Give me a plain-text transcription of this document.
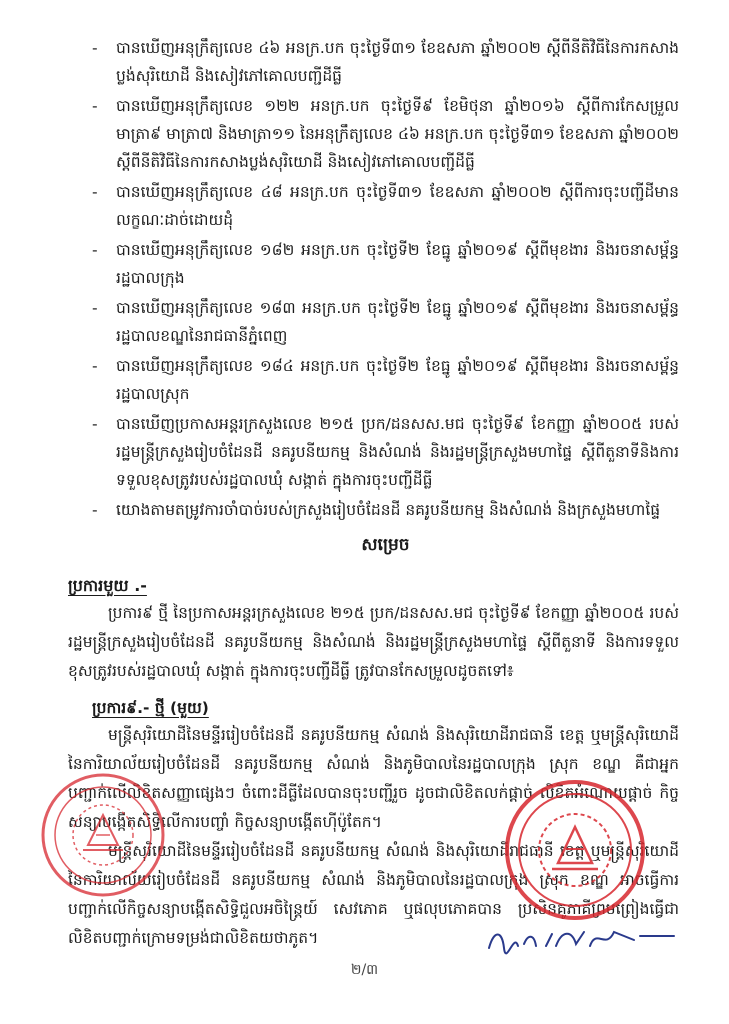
- បានឃើញអនុក្រឹត្យលេខ ៤៦ អនក្រ.បក ចុះថ្ងៃទី៣១ ខែឧសភា ឆ្នាំ២០០២ ស្ដីពីនីតិវិធីនៃការកសាងប្លង់សុរិយោដី និងសៀវភៅគោលបញ្ជីដីធ្លី
- បានឃើញអនុក្រឹត្យលេខ ១២២ អនក្រ.បក ចុះថ្ងៃទី៩ ខែមិថុនា ឆ្នាំ២០១៦ ស្ដីពីការកែសម្រួលមាត្រា៩ មាត្រា៧ និងមាត្រា១១ នៃអនុក្រឹត្យលេខ ៤៦ អនក្រ.បក ចុះថ្ងៃទី៣១ ខែឧសភា ឆ្នាំ២០០២ ស្ដីពីនីតិវិធីនៃការកសាងប្លង់សុរិយោដី និងសៀវភៅគោលបញ្ជីដីធ្លី
- បានឃើញអនុក្រឹត្យលេខ ៤៨ អនក្រ.បក ចុះថ្ងៃទី៣១ ខែឧសភា ឆ្នាំ២០០២ ស្ដីពីការចុះបញ្ជីដីមានលក្ខណៈដាច់ដោយដុំ
- បានឃើញអនុក្រឹត្យលេខ ១៨២ អនក្រ.បក ចុះថ្ងៃទី២ ខែធ្នូ ឆ្នាំ២០១៩ ស្ដីពីមុខងារ និងរចនាសម្ព័ន្ធរដ្ឋបាលក្រុង
- បានឃើញអនុក្រឹត្យលេខ ១៨៣ អនក្រ.បក ចុះថ្ងៃទី២ ខែធ្នូ ឆ្នាំ២០១៩ ស្ដីពីមុខងារ និងរចនាសម្ព័ន្ធរដ្ឋបាលខណ្ឌនៃរាជធានីភ្នំពេញ
- បានឃើញអនុក្រឹត្យលេខ ១៨៤ អនក្រ.បក ចុះថ្ងៃទី២ ខែធ្នូ ឆ្នាំ២០១៩ ស្ដីពីមុខងារ និងរចនាសម្ព័ន្ធរដ្ឋបាលស្រុក
- បានឃើញប្រកាសអន្តរក្រសួងលេខ ២១៥ ប្រក/ដនសស.មជ ចុះថ្ងៃទី៩ ខែកញ្ញា ឆ្នាំ២០០៥ របស់រដ្ឋមន្ត្រីក្រសួងរៀបចំដែនដី នគរូបនីយកម្ម និងសំណង់ និងរដ្ឋមន្ត្រីក្រសួងមហាផ្ទៃ ស្ដីពីតួនាទីនិងការទទួលខុសត្រូវរបស់រដ្ឋបាលឃុំ សង្កាត់ ក្នុងការចុះបញ្ជីដីធ្លី
- យោងតាមតម្រូវការចាំបាច់របស់ក្រសួងរៀបចំដែនដី នគរូបនីយកម្ម និងសំណង់ និងក្រសួងមហាផ្ទៃ
សម្រេច
ប្រការមួយ .-
ប្រការ៩ ថ្មី នៃប្រកាសអន្តរក្រសួងលេខ ២១៥ ប្រក/ដនសស.មជ ចុះថ្ងៃទី៩ ខែកញ្ញា ឆ្នាំ២០០៥ របស់រដ្ឋមន្ត្រីក្រសួងរៀបចំដែនដី នគរូបនីយកម្ម និងសំណង់ និងរដ្ឋមន្ត្រីក្រសួងមហាផ្ទៃ ស្ដីពីតួនាទី និងការទទួលខុសត្រូវរបស់រដ្ឋបាលឃុំ សង្កាត់ ក្នុងការចុះបញ្ជីដីធ្លី ត្រូវបានកែសម្រួលដូចតទៅ៖
ប្រការ៩.- ថ្មី (មួយ)
មន្ត្រីសុរិយោដីនៃមន្ទីររៀបចំដែនដី នគរូបនីយកម្ម សំណង់ និងសុរិយោដីរាជធានី ខេត្ត ឬមន្ត្រីសុរិយោដីនៃការិយាល័យរៀបចំដែនដី នគរូបនីយកម្ម សំណង់ និងភូមិបាលនៃរដ្ឋបាលក្រុង ស្រុក ខណ្ឌ គឺជាអ្នកបញ្ជាក់លើលិខិតសញ្ញាផ្សេងៗ ចំពោះដីធ្លីដែលបានចុះបញ្ជីរួច ដូចជាលិខិតលក់ផ្ដាច់ លិខិតអំណោយផ្ដាច់ កិច្ចសន្យាបង្កើតសិទ្ធិលើការបញ្ចាំ កិច្ចសន្យាបង្កើតហ៊ីប៉ូតែក។
មន្ត្រីសុរិយោដីនៃមន្ទីររៀបចំដែនដី នគរូបនីយកម្ម សំណង់ និងសុរិយោដីរាជធានី ខេត្ត ឬមន្ត្រីសុរិយោដីនៃការិយាល័យរៀបចំដែនដី នគរូបនីយកម្ម សំណង់ និងភូមិបាលនៃរដ្ឋបាលក្រុង ស្រុក ខណ្ឌ អាចធ្វើការបញ្ជាក់លើកិច្ចសន្យាបង្កើតសិទ្ធិជួលអចិន្ត្រៃយ៍ សេវភោគ ឬផលុបភោគបាន ប្រសិនគូភាគីព្រមព្រៀងធ្វើជាលិខិតបញ្ជាក់ក្រោមទម្រង់ជាលិខិតយថាភូត។
២/៣
